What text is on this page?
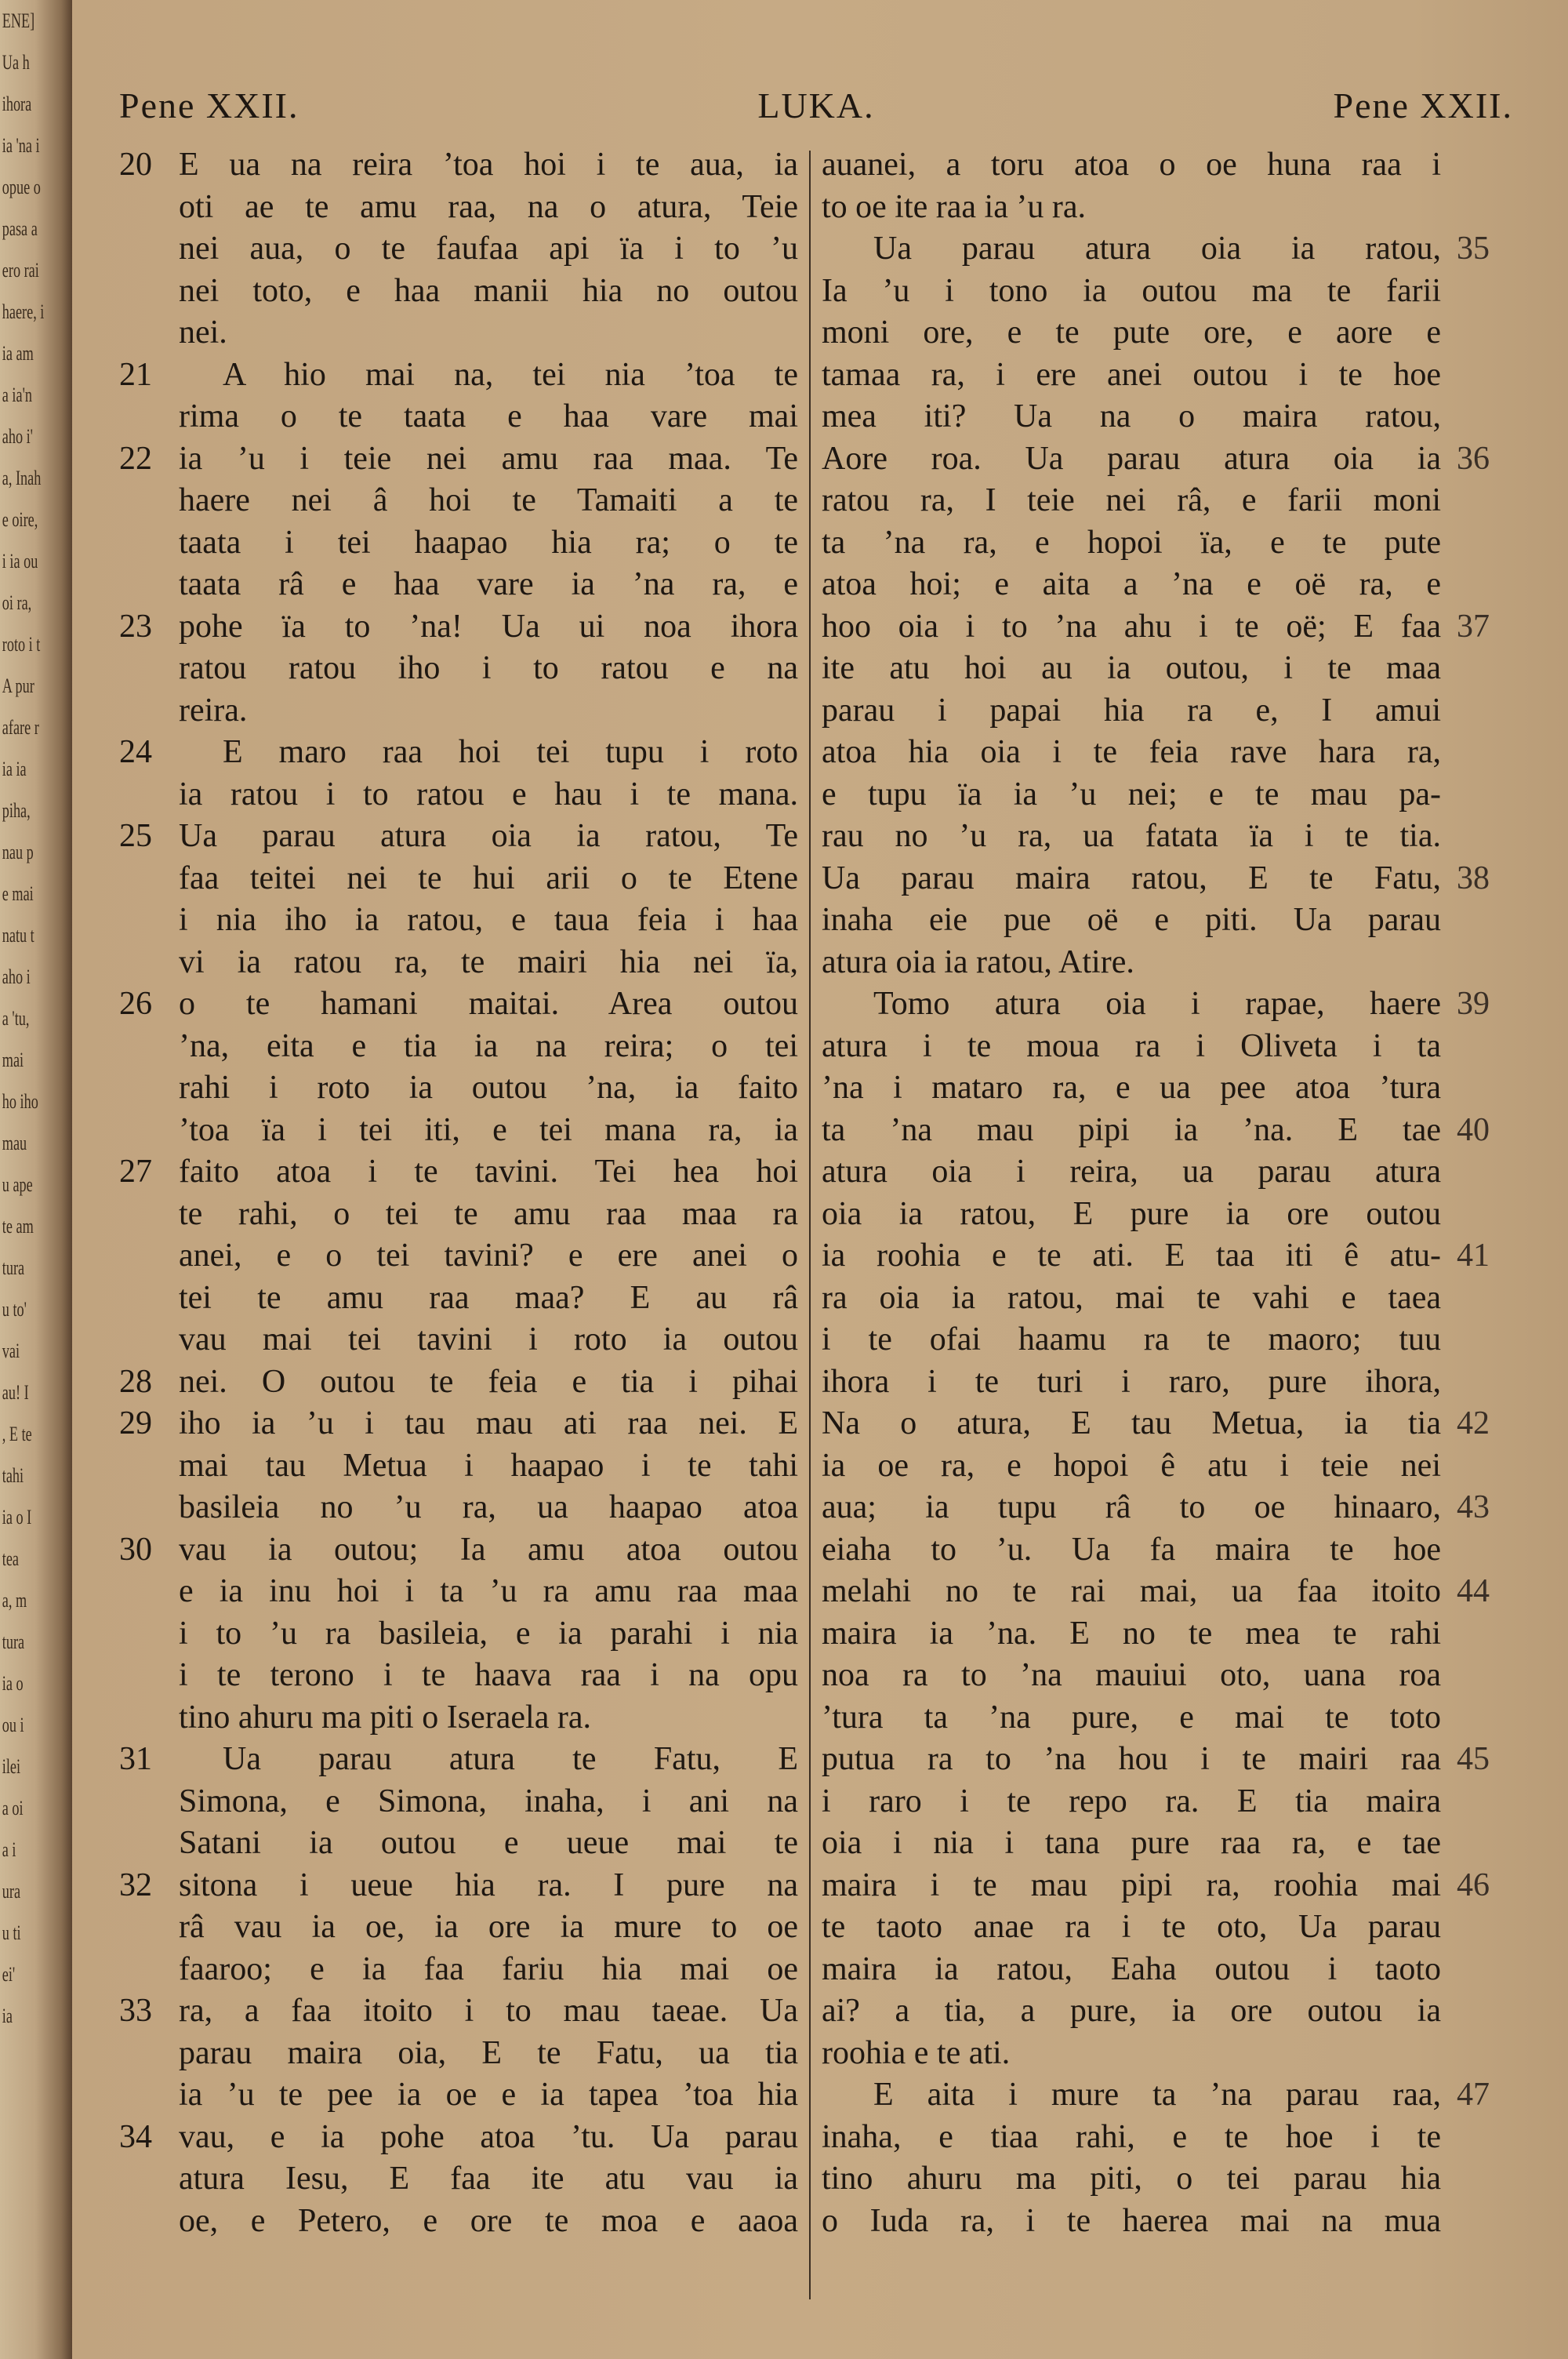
ENE]
Ua h
ihora
ia 'na i
opue o
pasa a
ero rai
haere, i
ia am
a ia'n
aho i'
a, Inah
e oire,
i ia ou
oi ra,
roto i t
A pur
afare r
ia ia
piha,
nau p
e mai
natu t
aho i
a 'tu,
mai
ho iho
mau
u ape
te am
tura
u to'
vai
au! I
, E te
tahi
ia o I
tea
a, m
tura
ia o
ou i
ilei
a oi
a i
ura
u ti
ei'
ia
Pene XXII.	LUKA.	Pene XXII.
20 E ua na reira ’toa hoi i te aua, ia
oti ae te amu raa, na o atura, Teie
nei aua, o te faufaa api ïa i to ’u
nei toto, e haa manii hia no outou
nei.
21	A hio mai na, tei nia ’toa te
rima o te taata e haa vare mai
22 ia ’u i teie nei amu raa maa. Te
haere nei â hoi te Tamaiti a te
taata i tei haapao hia ra; o te
taata râ e haa vare ia ’na ra, e
23 pohe ïa to ’na! Ua ui noa ihora
ratou ratou iho i to ratou e na
reira.
24	E maro raa hoi tei tupu i roto
ia ratou i to ratou e hau i te mana.
25 Ua parau atura oia ia ratou, Te
faa teitei nei te hui arii o te Etene
i nia iho ia ratou, e taua feia i haa
vi ia ratou ra, te mairi hia nei ïa,
26 o te hamani maitai. Area outou
’na, eita e tia ia na reira; o tei
rahi i roto ia outou ’na, ia faito
’toa ïa i tei iti, e tei mana ra, ia
27 faito atoa i te tavini. Tei hea hoi
te rahi, o tei te amu raa maa ra
anei, e o tei tavini? e ere anei o
tei te amu raa maa? E au râ
vau mai tei tavini i roto ia outou
28 nei. O outou te feia e tia i pihai
29 iho ia ’u i tau mau ati raa nei. E
mai tau Metua i haapao i te tahi
basileia no ’u ra, ua haapao atoa
30 vau ia outou; Ia amu atoa outou
e ia inu hoi i ta ’u ra amu raa maa
i to ’u ra basileia, e ia parahi i nia
i te terono i te haava raa i na opu
tino ahuru ma piti o Iseraela ra.
31	Ua parau atura te Fatu, E
Simona, e Simona, inaha, i ani na
Satani ia outou e ueue mai te
32 sitona i ueue hia ra. I pure na
râ vau ia oe, ia ore ia mure to oe
faaroo; e ia faa fariu hia mai oe
33 ra, a faa itoito i to mau taeae. Ua
parau maira oia, E te Fatu, ua tia
ia ’u te pee ia oe e ia tapea ’toa hia
34 vau, e ia pohe atoa ’tu. Ua parau
atura Iesu, E faa ite atu vau ia
oe, e Petero, e ore te moa e aaoa
auanei, a toru atoa o oe huna raa i
to oe ite raa ia ’u ra.
Ua parau atura oia ia ratou, 35
Ia ’u i tono ia outou ma te farii
moni ore, e te pute ore, e aore e
tamaa ra, i ere anei outou i te hoe
mea iti? Ua na o maira ratou,
Aore roa. Ua parau atura oia ia 36
ratou ra, I teie nei râ, e farii moni
ta ’na ra, e hopoi ïa, e te pute
atoa hoi; e aita a ’na e oë ra, e
hoo oia i to ’na ahu i te oë; E faa 37
ite atu hoi au ia outou, i te maa
parau i papai hia ra e, I amui
atoa hia oia i te feia rave hara ra,
e tupu ïa ia ’u nei; e te mau pa-
rau no ’u ra, ua fatata ïa i te tia.
Ua parau maira ratou, E te Fatu, 38
inaha eie pue oë e piti. Ua parau
atura oia ia ratou, Atire.
Tomo atura oia i rapae, haere 39
atura i te moua ra i Oliveta i ta
’na i mataro ra, e ua pee atoa ’tura
ta ’na mau pipi ia ’na. E tae 40
atura oia i reira, ua parau atura
oia ia ratou, E pure ia ore outou
ia roohia e te ati. E taa iti ê atu- 41
ra oia ia ratou, mai te vahi e taea
i te ofai haamu ra te maoro; tuu
ihora i te turi i raro, pure ihora,
Na o atura, E tau Metua, ia tia 42
ia oe ra, e hopoi ê atu i teie nei
aua; ia tupu râ to oe hinaaro, 43
eiaha to ’u. Ua fa maira te hoe
melahi no te rai mai, ua faa itoito 44
maira ia ’na. E no te mea te rahi
noa ra to ’na mauiui oto, uana roa
’tura ta ’na pure, e mai te toto
putua ra to ’na hou i te mairi raa 45
i raro i te repo ra. E tia maira
oia i nia i tana pure raa ra, e tae
maira i te mau pipi ra, roohia mai 46
te taoto anae ra i te oto, Ua parau
maira ia ratou, Eaha outou i taoto
ai? a tia, a pure, ia ore outou ia
roohia e te ati.
E aita i mure ta ’na parau raa, 47
inaha, e tiaa rahi, e te hoe i te
tino ahuru ma piti, o tei parau hia
o Iuda ra, i te haerea mai na mua
